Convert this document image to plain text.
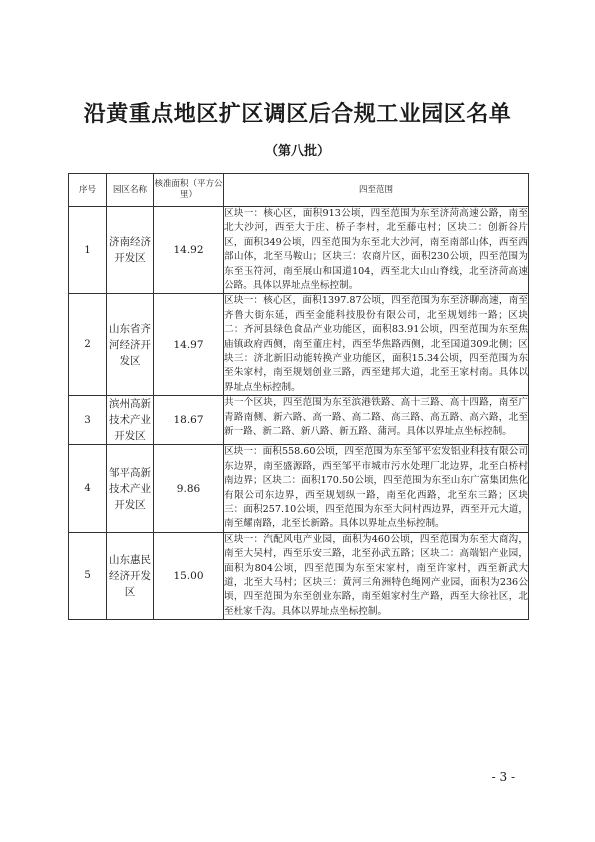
沿黄重点地区扩区调区后合规工业园区名单
（第八批）
序号	园区名称	核准面积（平方公里）	四至范围
1	济南经济开发区	14.92	区块一：核心区，面积913公顷，四至范围为东至济菏高速公路，南至北大沙河，西至大于庄、桥子李村，北至藤屯村；区块二：创新谷片区，面积349公顷，四至范围为东至北大沙河，南至南部山体，西至西部山体，北至马鞍山；区块三：农商片区，面积230公顷，四至范围为东至玉符河，南至展山和国道104，西至北大山山脊线，北至济菏高速公路。具体以界址点坐标控制。
2	山东省齐河经济开发区	14.97	区块一：核心区，面积1397.87公顷，四至范围为东至济聊高速，南至齐鲁大街东延，西至金能科技股份有限公司，北至规划纬一路；区块二：齐河县绿色食品产业功能区，面积83.91公顷，四至范围为东至焦庙镇政府西侧，南至董庄村，西至华焦路西侧，北至国道309北侧；区块三：济北新旧动能转换产业功能区，面积15.34公顷，四至范围为东至朱家村，南至规划创业三路，西至建邦大道，北至王家村南。具体以界址点坐标控制。
3	滨州高新技术产业开发区	18.67	共一个区块，四至范围为东至滨港铁路、高十三路、高十四路，南至广青路南侧、新六路、高一路、高二路、高三路、高五路、高六路，北至新一路、新二路、新八路、新五路、蒲河。具体以界址点坐标控制。
4	邹平高新技术产业开发区	9.86	区块一：面积558.60公顷，四至范围为东至邹平宏发铝业科技有限公司东边界，南至盛源路，西至邹平市城市污水处理厂北边界，北至白桥村南边界；区块二：面积170.50公顷，四至范围为东至山东广富集团焦化有限公司东边界，西至规划纵一路，南至化西路，北至东三路；区块三：面积257.10公顷，四至范围为东至大问村西边界，西至开元大道，南至耀南路，北至长新路。具体以界址点坐标控制。
5	山东惠民经济开发区	15.00	区块一：汽配风电产业园，面积为460公顷，四至范围为东至大商沟，南至大吴村，西至乐安三路，北至孙武五路；区块二：高端铝产业园，面积为804公顷，四至范围为东至宋家村，南至许家村，西至新武大道，北至大马村；区块三：黄河三角洲特色绳网产业园，面积为236公顷，四至范围为东至创业东路，南至姐家村生产路，西至大徐社区，北至杜家千沟。具体以界址点坐标控制。
- 3 -
